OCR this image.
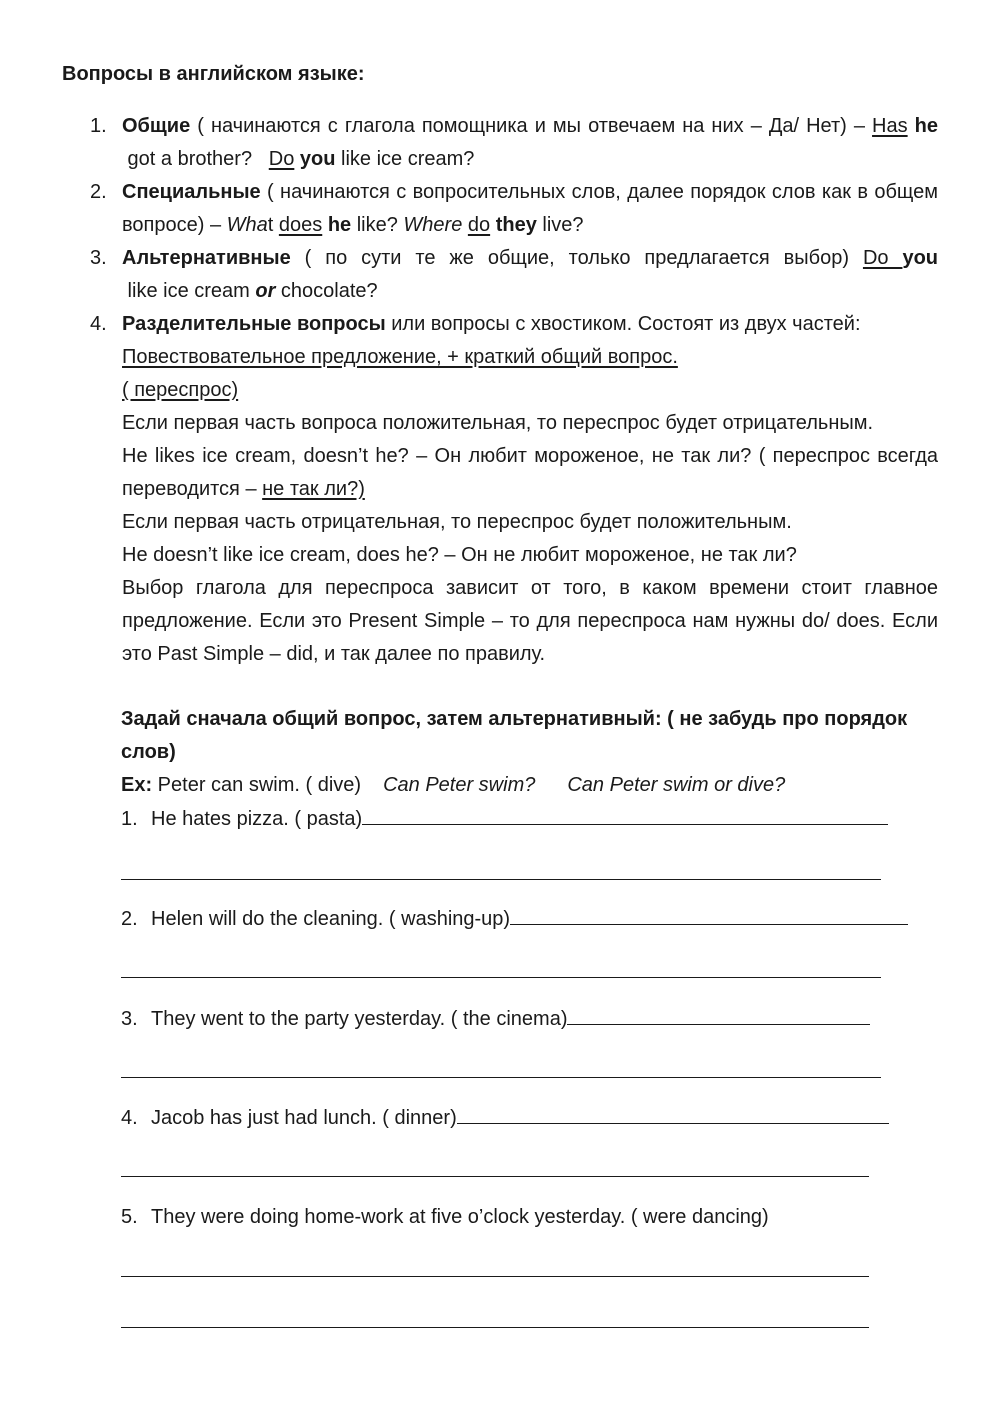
Вопросы в английском языке:
1. Общие ( начинаются с глагола помощника и мы отвечаем на них – Да/ Нет) – Has he got a brother?   Do you like ice cream?
2. Специальные ( начинаются с вопросительных слов, далее порядок слов как в общем вопросе) – What does he like? Where do they live?
3. Альтернативные ( по сути те же общие, только предлагается выбор) Do you like ice cream or chocolate?
4. Разделительные вопросы или вопросы с хвостиком. Состоят из двух частей:
Повествовательное предложение, + краткий общий вопрос.
( переспрос)
Если первая часть вопроса положительная, то переспрос будет отрицательным.
He likes ice cream, doesn’t he? – Он любит мороженое, не так ли? ( переспрос всегда переводится – не так ли?)
Если первая часть отрицательная, то переспрос будет положительным.
He doesn’t like ice cream, does he? – Он не любит мороженое, не так ли?
Выбор глагола для переспроса зависит от того, в каком времени стоит главное предложение. Если это Present Simple – то для переспроса нам нужны do/ does. Если это Past Simple – did, и так далее по правилу.
Задай сначала общий вопрос, затем альтернативный: ( не забудь про порядок слов)
Ex: Peter can swim. ( dive) Can Peter swim? Can Peter swim or dive?
1. He hates pizza. ( pasta)
2. Helen will do the cleaning. ( washing-up)
3. They went to the party yesterday. ( the cinema)
4. Jacob has just had lunch. ( dinner)
5. They were doing home-work at five o’clock yesterday. ( were dancing)
